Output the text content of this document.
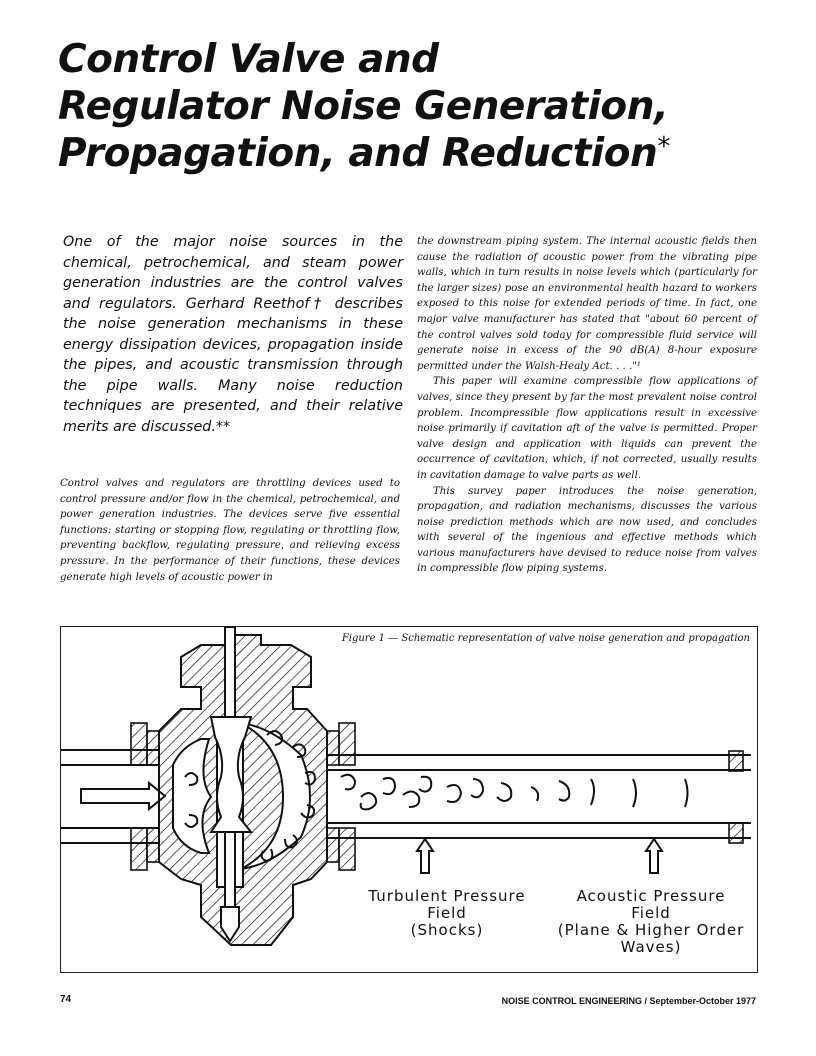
Control Valve and
Regulator Noise Generation,
Propagation, and Reduction*
One of the major noise sources in the chemical, petrochemical, and steam power generation industries are the control valves and regulators. Gerhard Reethof† describes the noise generation mechanisms in these energy dissipation devices, propagation inside the pipes, and acoustic transmission through the pipe walls. Many noise reduction techniques are presented, and their relative merits are discussed.**

Control valves and regulators are throttling devices used to control pressure and/or flow in the chemical, petrochemical, and power generation industries. The devices serve five essential functions: starting or stopping flow, regulating or throttling flow, preventing backflow, regulating pressure, and relieving excess pressure. In the performance of their functions, these devices generate high levels of acoustic power in

the downstream piping system. The internal acoustic fields then cause the radiation of acoustic power from the vibrating pipe walls, which in turn results in noise levels which (particularly for the larger sizes) pose an environmental health hazard to workers exposed to this noise for extended periods of time. In fact, one major valve manufacturer has stated that "about 60 percent of the control valves sold today for compressible fluid service will generate noise in excess of the 90 dB(A) 8-hour exposure permitted under the Walsh-Healy Act. . . ."¹

This paper will examine compressible flow applications of valves, since they present by far the most prevalent noise control problem. Incompressible flow applications result in excessive noise primarily if cavitation aft of the valve is permitted. Proper valve design and application with liquids can prevent the occurrence of cavitation, which, if not corrected, usually results in cavitation damage to valve parts as well.

This survey paper introduces the noise generation, propagation, and radiation mechanisms, discusses the various noise prediction methods which are now used, and concludes with several of the ingenious and effective methods which various manufacturers have devised to reduce noise from valves in compressible flow piping systems.

Figure 1 — Schematic representation of valve noise generation and propagation
Turbulent Pressure
Field
(Shocks)
Acoustic Pressure
Field
(Plane & Higher Order
Waves)
74	NOISE CONTROL ENGINEERING / September-October 1977
